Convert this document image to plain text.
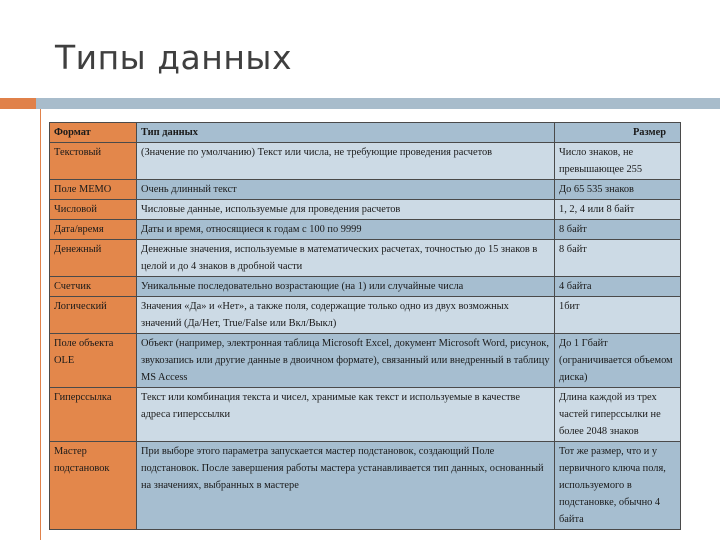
Типы данных
Формат	Тип данных	Размер
Текстовый	(Значение по умолчанию) Текст или числа, не требующие проведения расчетов	Число знаков, не превышающее 255
Поле MEMO	Очень длинный текст	До 65 535 знаков
Числовой	Числовые данные, используемые для проведения расчетов	1, 2, 4 или 8 байт
Дата/время	Даты и время, относящиеся к годам с 100 по 9999	8 байт
Денежный	Денежные значения, используемые в математических расчетах, точностью до 15 знаков в целой и до 4 знаков в дробной части	8 байт
Счетчик	Уникальные последовательно возрастающие (на 1) или случайные числа	4 байта
Логический	Значения «Да» и «Нет», а также поля, содержащие только одно из двух возможных значений (Да/Нет, True/False или Вкл/Выкл)	1бит
Поле объекта OLE	Объект (например, электронная таблица Microsoft Excel, документ Microsoft Word, рисунок, звукозапись или другие данные в двоичном формате), связанный или внедренный в таблицу MS Access	До 1 Гбайт (ограничивается объемом диска)
Гиперссылка	Текст или комбинация текста и чисел, хранимые как текст и используемые в качестве адреса гиперссылки	Длина каждой из трех частей гиперссылки не более 2048 знаков
Мастер подстановок	При выборе этого параметра запускается мастер подстановок, создающий Поле подстановок. После завершения работы мастера устанавливается тип данных, основанный на значениях, выбранных в мастере	Тот же размер, что и у первичного ключа поля, используемого в подстановке, обычно 4 байта
